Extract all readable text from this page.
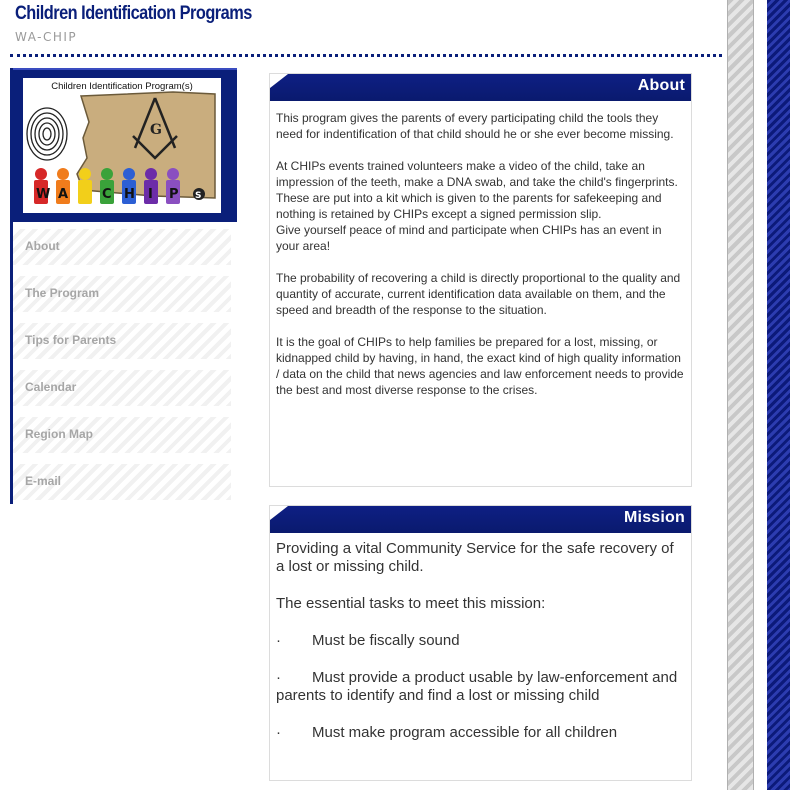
Children Identification Programs
WA-CHIP
G
Children Identification Program(s)
W A	C H I P S
About
The Program
Tips for Parents
Calendar
Region Map
E-mail
About

This program gives the parents of every participating child the tools they need for indentification of that child should he or she ever become missing.

At CHIPs events trained volunteers make a video of the child, take an impression of the teeth, make a DNA swab, and take the child's fingerprints. These are put into a kit which is given to the parents for safekeeping and nothing is retained by CHIPs except a signed permission slip.

Give yourself peace of mind and participate when CHIPs has an event in your area!

The probability of recovering a child is directly proportional to the quality and quantity of accurate, current identification data available on them, and the speed and breadth of the response to the situation.

It is the goal of CHIPs to help families be prepared for a lost, missing, or kidnapped child by having, in hand, the exact kind of high quality information / data on the child that news agencies and law enforcement needs to provide the best and most diverse response to the crises.

Mission

Providing a vital Community Service for the safe recovery of a lost or missing child.

The essential tasks to meet this mission:

· Must be fiscally sound

· Must provide a product usable by law-enforcement and parents to identify and find a lost or missing child

· Must make program accessible for all children
